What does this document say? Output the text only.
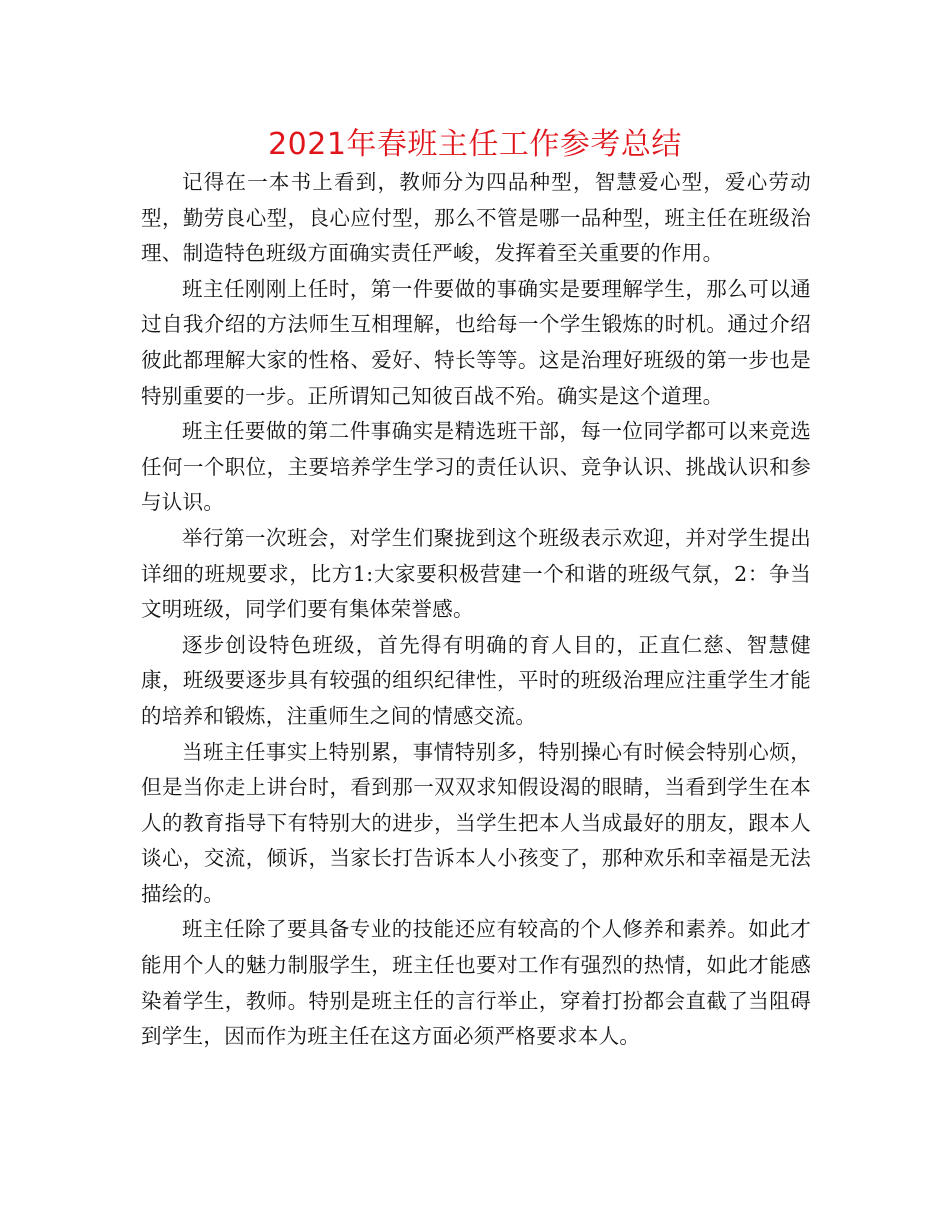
2021年春班主任工作参考总结

记得在一本书上看到，教师分为四品种型，智慧爱心型，爱心劳动型，勤劳良心型，良心应付型，那么不管是哪一品种型，班主任在班级治理、制造特色班级方面确实责任严峻，发挥着至关重要的作用。

班主任刚刚上任时，第一件要做的事确实是要理解学生，那么可以通过自我介绍的方法师生互相理解，也给每一个学生锻炼的时机。通过介绍彼此都理解大家的性格、爱好、特长等等。这是治理好班级的第一步也是特别重要的一步。正所谓知己知彼百战不殆。确实是这个道理。

班主任要做的第二件事确实是精选班干部，每一位同学都可以来竞选任何一个职位，主要培养学生学习的责任认识、竞争认识、挑战认识和参与认识。

举行第一次班会，对学生们聚拢到这个班级表示欢迎，并对学生提出详细的班规要求，比方1:大家要积极营建一个和谐的班级气氛，2：争当文明班级，同学们要有集体荣誉感。

逐步创设特色班级，首先得有明确的育人目的，正直仁慈、智慧健康，班级要逐步具有较强的组织纪律性，平时的班级治理应注重学生才能的培养和锻炼，注重师生之间的情感交流。

当班主任事实上特别累，事情特别多，特别操心有时候会特别心烦，但是当你走上讲台时，看到那一双双求知假设渴的眼睛，当看到学生在本人的教育指导下有特别大的进步，当学生把本人当成最好的朋友，跟本人谈心，交流，倾诉，当家长打告诉本人小孩变了，那种欢乐和幸福是无法描绘的。

班主任除了要具备专业的技能还应有较高的个人修养和素养。如此才能用个人的魅力制服学生，班主任也要对工作有强烈的热情，如此才能感染着学生，教师。特别是班主任的言行举止，穿着打扮都会直截了当阻碍到学生，因而作为班主任在这方面必须严格要求本人。
